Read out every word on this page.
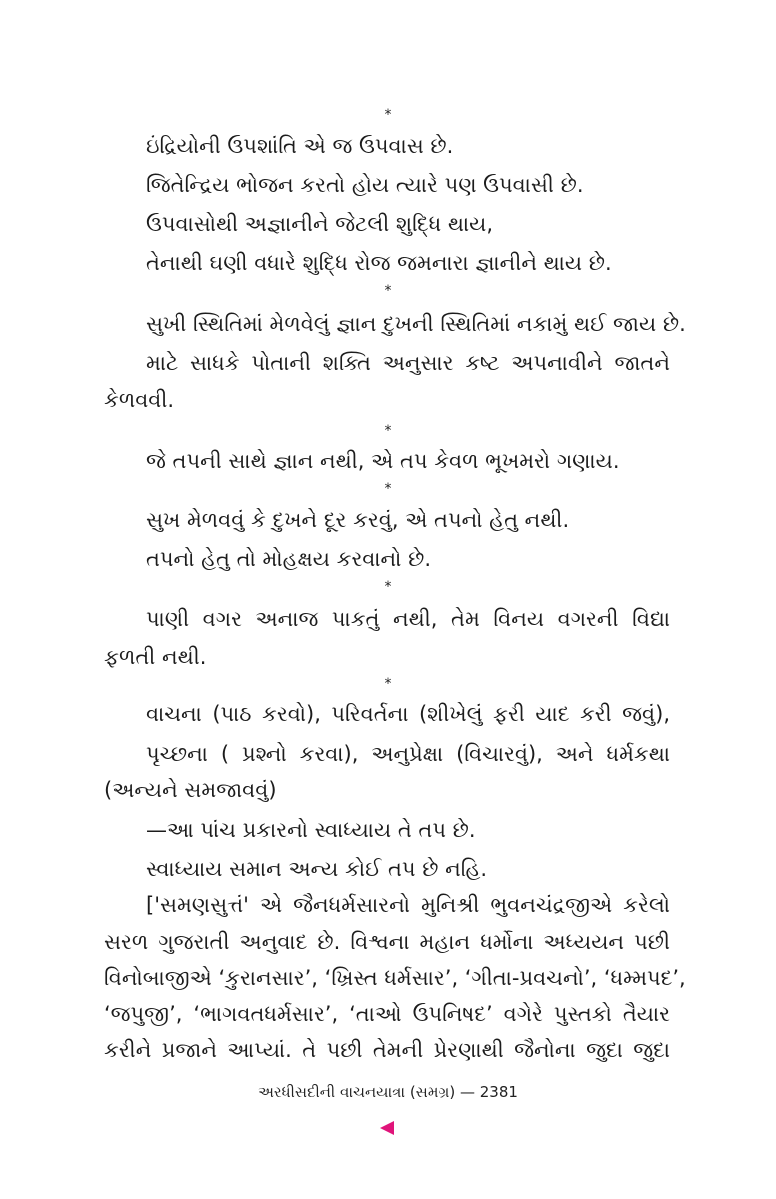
*
ઇંદ્રિયોની ઉપશાંતિ એ જ ઉપવાસ છે.
જિતેન્દ્રિય ભોજન કરતો હોય ત્યારે પણ ઉપવાસી છે.
ઉપવાસોથી અજ્ઞાનીને જેટલી શુદ્ધિ થાય,
તેનાથી ઘણી વધારે શુદ્ધિ રોજ જમનારા જ્ઞાનીને થાય છે.
*
સુખી સ્થિતિમાં મેળવેલું જ્ઞાન દુખની સ્થિતિમાં નકામું થઈ જાય છે.
માટે સાધકે પોતાની શક્તિ અનુસાર કષ્ટ અપનાવીને જાતને
કેળવવી.
*
જે તપની સાથે જ્ઞાન નથી, એ તપ કેવળ ભૂખમરો ગણાય.
*
સુખ મેળવવું કે દુખને દૂર કરવું, એ તપનો હેતુ નથી.
તપનો હેતુ તો મોહક્ષય કરવાનો છે.
*
પાણી વગર અનાજ પાકતું નથી, તેમ વિનય વગરની વિદ્યા
ફળતી નથી.
*
વાચના (પાઠ કરવો), પરિવર્તના (શીખેલું ફરી યાદ કરી જવું),
પૃચ્છના ( પ્રશ્નો કરવા), અનુપ્રેક્ષા (વિચારવું), અને ધર્મકથા
(અન્યને સમજાવવું)
—આ પાંચ પ્રકારનો સ્વાધ્યાય તે તપ છે.
સ્વાધ્યાય સમાન અન્ય કોઈ તપ છે નહિ.
['સમણસુત્તં' એ જૈનધર્મસારનો મુનિશ્રી ભુવનચંદ્રજીએ કરેલો
સરળ ગુજરાતી અનુવાદ છે. વિશ્વના મહાન ધર્મોના અધ્યયન પછી
વિનોબાજીએ ‘કુરાનસાર’, ‘ખ્રિસ્ત ધર્મસાર’, ‘ગીતા-પ્રવચનો’, ‘ધમ્મપદ’,
‘જપુજી’, ‘ભાગવતધર્મસાર’, ‘તાઓ ઉપનિષદ’ વગેરે પુસ્તકો તૈયાર
કરીને પ્રજાને આપ્યાં. તે પછી તેમની પ્રેરણાથી જૈનોના જુદા જુદા
અરધીસદીની વાચનયાત્રા (સમગ્ર) — 2381
